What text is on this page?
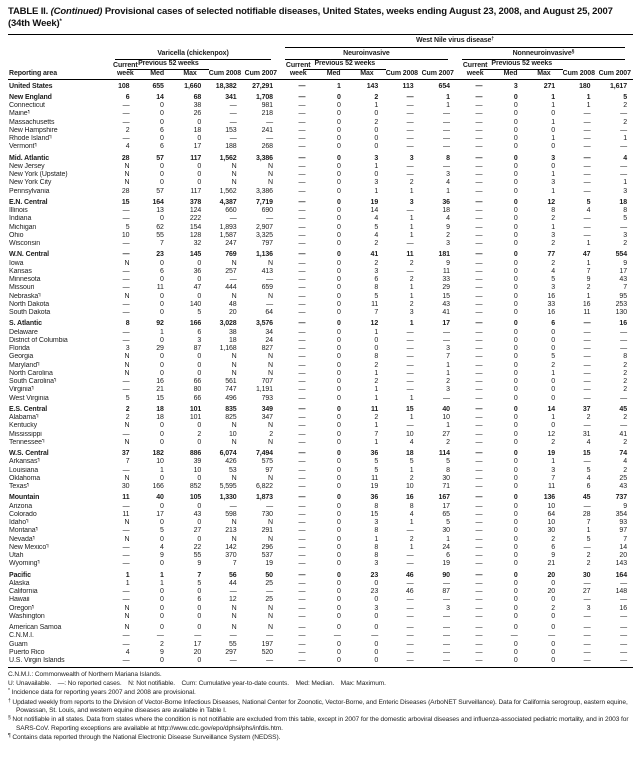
TABLE II. (Continued) Provisional cases of selected notifiable diseases, United States, weeks ending August 23, 2008, and August 25, 2007
(34th Week)*

						West Nile virus disease†

	Varicella (chickenpox)					Neuroinvasive					Nonneuroinvasive§

Reporting area	Current week	Previous 52 weeks		Cum 2008	Cum 2007	Current week	Previous 52 weeks		Cum 2008	Cum 2007	Current week	Previous 52 weeks		Cum 2008	Cum 2007
		Med	Max				Med	Max				Med	Max		
United States	108	655	1,660	18,382	27,291	—	1	143	113	654	—	3	271	180	1,617
New England	6	14	68	341	1,708	—	0	2	—	1	—	0	1	1	5
Connecticut	—	0	38	—	981	—	0	1	—	1	—	0	1	1	2
Maine¶	—	0	26	—	218	—	0	0	—	—	—	0	0	—	—
Massachusetts	—	0	0	—	—	—	0	2	—	—	—	0	1	—	2
New Hampshire	2	6	18	153	241	—	0	0	—	—	—	0	0	—	—
Rhode Island¶	—	0	0	—	—	—	0	0	—	—	—	0	1	—	1
Vermont¶	4	6	17	188	268	—	0	0	—	—	—	0	0	—	—
Mid. Atlantic	28	57	117	1,562	3,386	—	0	3	3	8	—	0	3	—	4
New Jersey	N	0	0	N	N	—	0	1	—	—	—	0	0	—	—
New York (Upstate)	N	0	0	N	N	—	0	0	—	3	—	0	1	—	—
New York City	N	0	0	N	N	—	0	3	2	4	—	0	3	—	1
Pennsylvania	28	57	117	1,562	3,386	—	0	1	1	1	—	0	1	—	3
E.N. Central	15	164	378	4,387	7,719	—	0	19	3	36	—	0	12	5	18
Illinois	—	13	124	660	690	—	0	14	—	18	—	0	8	4	8
Indiana	—	0	222	—	—	—	0	4	1	4	—	0	2	—	5
Michigan	5	62	154	1,893	2,907	—	0	5	1	9	—	0	1	—	—
Ohio	10	55	128	1,587	3,325	—	0	4	1	2	—	0	3	—	3
Wisconsin	—	7	32	247	797	—	0	2	—	3	—	0	2	1	2
W.N. Central	—	23	145	769	1,136	—	0	41	11	181	—	0	77	47	554
Iowa	N	0	0	N	N	—	0	2	2	9	—	0	2	1	9
Kansas	—	6	36	257	413	—	0	3	—	11	—	0	4	7	17
Minnesota	—	0	0	—	—	—	0	6	2	33	—	0	5	9	43
Missouri	—	11	47	444	659	—	0	8	1	29	—	0	3	2	7
Nebraska¶	N	0	0	N	N	—	0	5	1	15	—	0	16	1	95
North Dakota	—	0	140	48	—	—	0	11	2	43	—	0	33	16	253
South Dakota	—	0	5	20	64	—	0	7	3	41	—	0	16	11	130
S. Atlantic	8	92	166	3,028	3,576	—	0	12	1	17	—	0	6	—	16
Delaware	—	1	6	38	34	—	0	1	—	—	—	0	0	—	—
District of Columbia	—	0	3	18	24	—	0	0	—	—	—	0	0	—	—
Florida	3	29	87	1,168	827	—	0	0	—	3	—	0	0	—	—
Georgia	N	0	0	N	N	—	0	8	—	7	—	0	5	—	8
Maryland¶	N	0	0	N	N	—	0	2	—	1	—	0	2	—	2
North Carolina	N	0	0	N	N	—	0	1	—	1	—	0	1	—	2
South Carolina¶	—	16	66	561	707	—	0	2	—	2	—	0	0	—	2
Virginia¶	—	21	80	747	1,191	—	0	1	—	3	—	0	0	—	2
West Virginia	5	15	66	496	793	—	0	1	1	—	—	0	0	—	—
E.S. Central	2	18	101	835	349	—	0	11	15	40	—	0	14	37	45
Alabama¶	2	18	101	825	347	—	0	2	1	10	—	0	1	2	2
Kentucky	N	0	0	N	N	—	0	1	—	1	—	0	0	—	—
Mississippi	—	0	2	10	2	—	0	7	10	27	—	0	12	31	41
Tennessee¶	N	0	0	N	N	—	0	1	4	2	—	0	2	4	2
W.S. Central	37	182	886	6,074	7,494	—	0	36	18	114	—	0	19	15	74
Arkansas¶	7	10	39	426	575	—	0	5	5	5	—	0	1	—	4
Louisiana	—	1	10	53	97	—	0	5	1	8	—	0	3	5	2
Oklahoma	N	0	0	N	N	—	0	11	2	30	—	0	7	4	25
Texas¶	30	166	852	5,595	6,822	—	0	19	10	71	—	0	11	6	43
Mountain	11	40	105	1,330	1,873	—	0	36	16	167	—	0	136	45	737
Arizona	—	0	0	—	—	—	0	8	8	17	—	0	10	—	9
Colorado	11	17	43	598	730	—	0	15	4	65	—	0	64	28	354
Idaho¶	N	0	0	N	N	—	0	3	1	5	—	0	10	7	93
Montana¶	—	5	27	213	291	—	0	8	—	30	—	0	30	1	97
Nevada¶	N	0	0	N	N	—	0	1	2	1	—	0	2	5	7
New Mexico¶	—	4	22	142	296	—	0	8	1	24	—	0	6	—	14
Utah	—	9	55	370	537	—	0	8	—	6	—	0	9	2	20
Wyoming¶	—	0	9	7	19	—	0	3	—	19	—	0	21	2	143
Pacific	1	1	7	56	50	—	0	23	46	90	—	0	20	30	164
Alaska	1	1	5	44	25	—	0	0	—	—	—	0	0	—	—
California	—	0	0	—	—	—	0	23	46	87	—	0	20	27	148
Hawaii	—	0	6	12	25	—	0	0	—	—	—	0	0	—	—
Oregon¶	N	0	0	N	N	—	0	3	—	3	—	0	2	3	16
Washington	N	0	0	N	N	—	0	0	—	—	—	0	0	—	—
American Samoa	N	0	0	N	N	—	0	0	—	—	—	0	0	—	—
C.N.M.I.	—	—	—	—	—	—	—	—	—	—	—	—	—	—	—
Guam	—	2	17	55	197	—	0	0	—	—	—	0	0	—	—
Puerto Rico	4	9	20	297	520	—	0	0	—	—	—	0	0	—	—
U.S. Virgin Islands	—	0	0	—	—	—	0	0	—	—	—	0	0	—	—

C.N.M.I.: Commonwealth of Northern Mariana Islands.

U: Unavailable. —: No reported cases. N: Not notifiable. Cum: Cumulative year-to-date counts. Med: Median. Max: Maximum.

* Incidence data for reporting years 2007 and 2008 are provisional.

† Updated weekly from reports to the Division of Vector-Borne Infectious Diseases, National Center for Zoonotic, Vector-Borne, and Enteric Diseases (ArboNET Surveillance). Data for California serogroup, eastern equine, Powassan, St. Louis, and western equine diseases are available in Table I.

§ Not notifiable in all states. Data from states where the condition is not notifiable are excluded from this table, except in 2007 for the domestic arboviral diseases and influenza-associated pediatric mortality, and in 2003 for SARS-CoV. Reporting exceptions are available at http://www.cdc.gov/epo/dphsi/phs/infdis.htm.

¶ Contains data reported through the National Electronic Disease Surveillance System (NEDSS).
